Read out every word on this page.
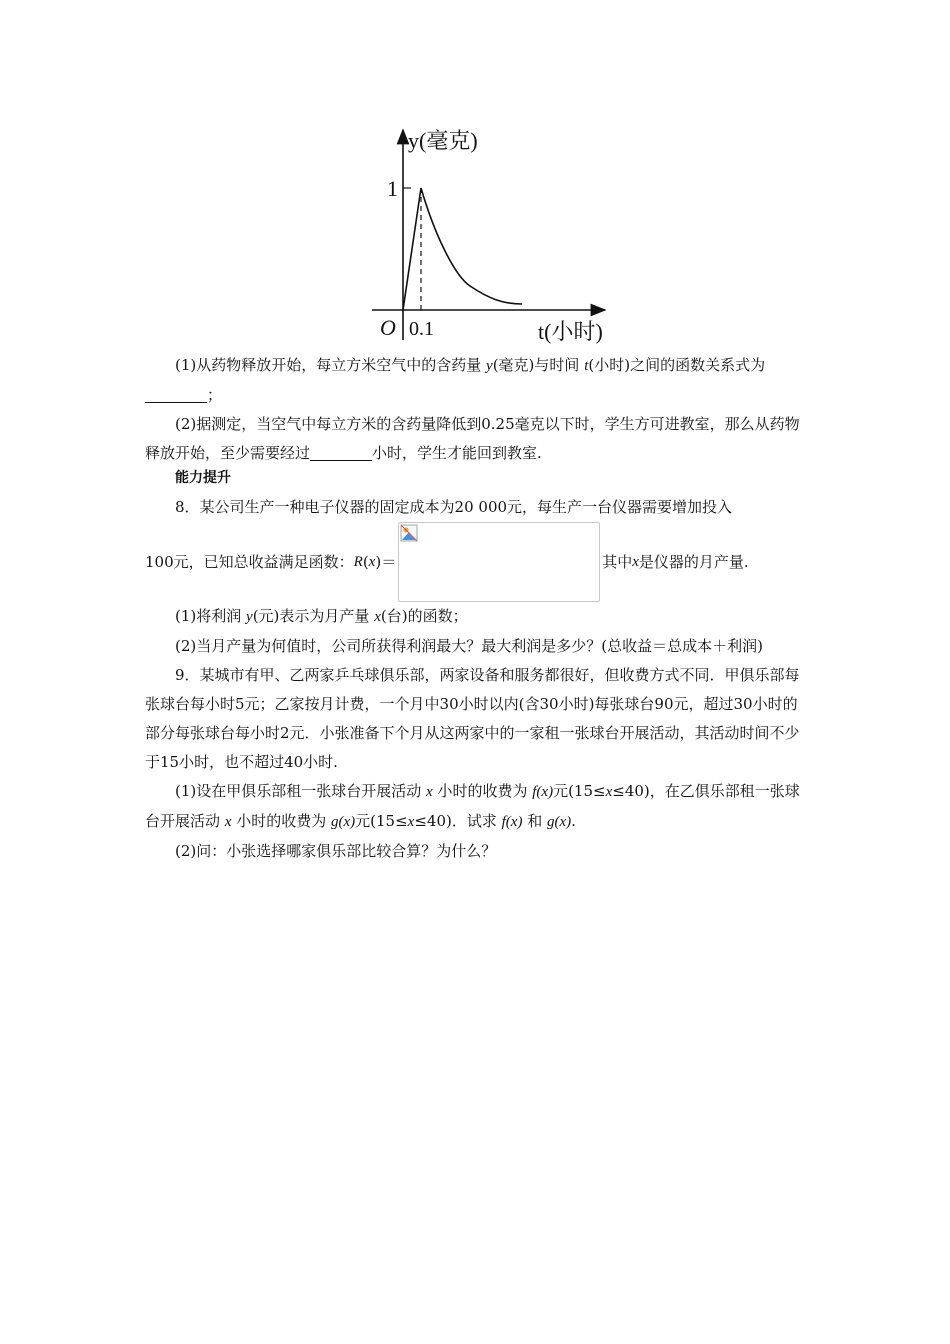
y(毫克)
1
O 0.1	t(小时)

(1)从药物释放开始，每立方米空气中的含药量 y(毫克)与时间 t(小时)之间的函数关系式为；

(2)据测定，当空气中每立方米的含药量降低到0.25毫克以下时，学生方可进教室，那么从药物释放开始，至少需要经过	小时，学生才能回到教室.

能力提升

8．某公司生产一种电子仪器的固定成本为20 000元，每生产一台仪器需要增加投入

100元，已知总收益满足函数： R ( x )＝	其中 x 是仪器的月产量.

(1)将利润 y(元)表示为月产量 x(台)的函数；

(2)当月产量为何值时，公司所获得利润最大？最大利润是多少？(总收益＝总成本＋利润)

9．某城市有甲、乙两家乒乓球俱乐部，两家设备和服务都很好，但收费方式不同．甲俱乐部每张球台每小时5元；乙家按月计费，一个月中30小时以内(含30小时)每张球台90元，超过30小时的部分每张球台每小时2元．小张准备下个月从这两家中的一家租一张球台开展活动，其活动时间不少于15小时，也不超过40小时.

(1)设在甲俱乐部租一张球台开展活动 x 小时的收费为 f(x)元(15≤x≤40)，在乙俱乐部租一张球台开展活动 x 小时的收费为 g(x)元(15≤x≤40)．试求 f(x) 和 g(x).

(2)问：小张选择哪家俱乐部比较合算？为什么？
